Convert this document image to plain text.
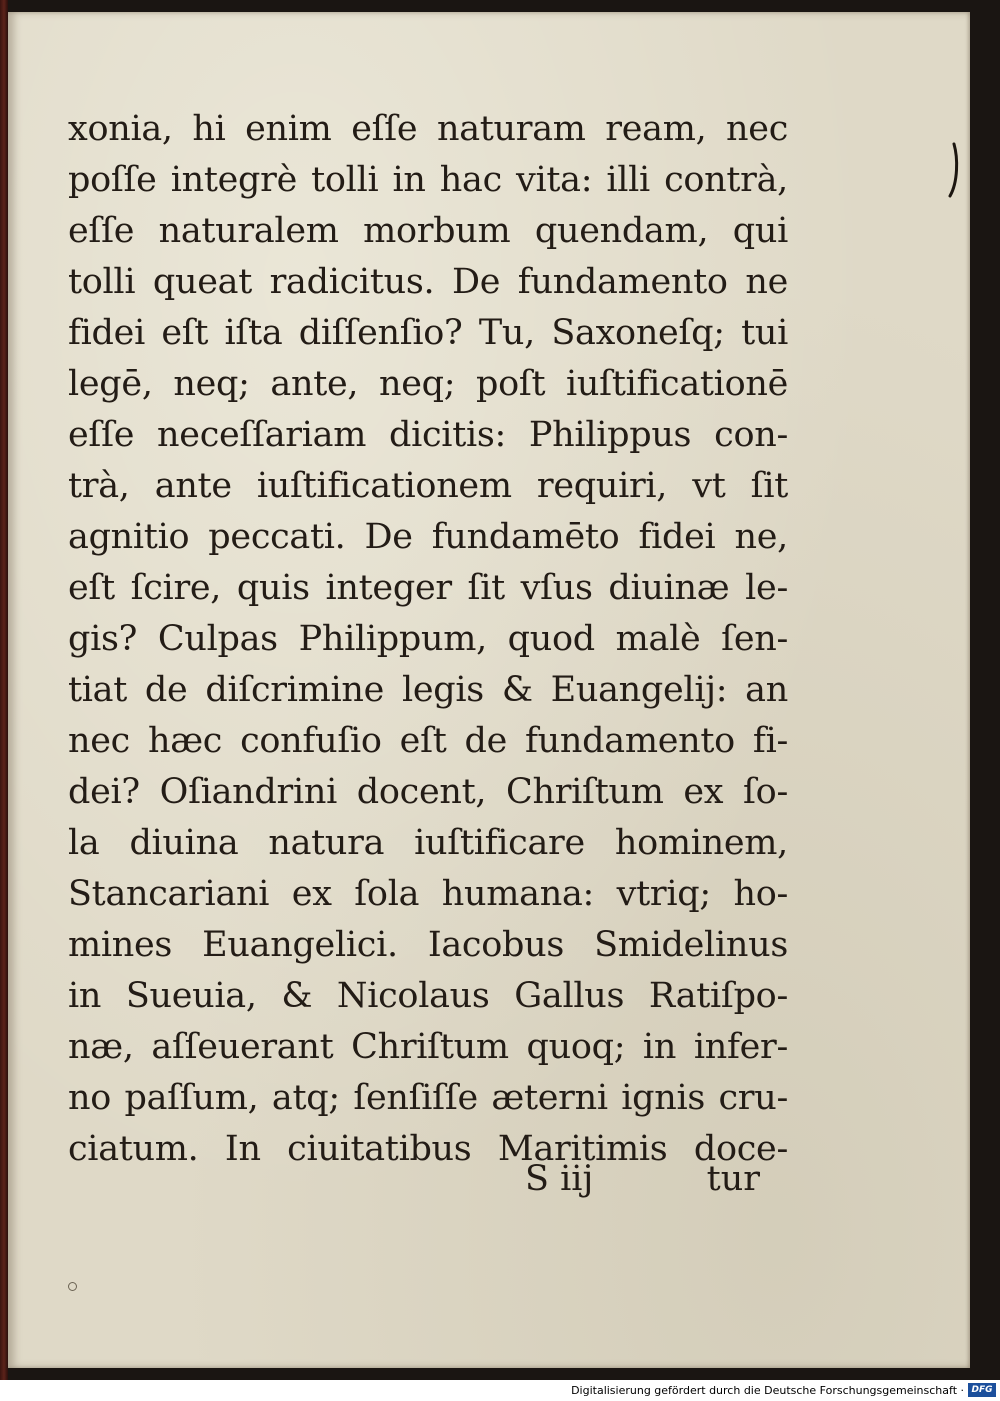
xonia, hi enim eſſe naturam ream, nec
poſſe integrè tolli in hac vita: illi contrà,
eſſe naturalem morbum quendam, qui
tolli queat radicitus. De fundamento ne
fidei eſt iſta diſſenſio? Tu, Saxoneſq; tui
legē, neq; ante, neq; poſt iuſtificationē
eſſe neceſſariam dicitis: Philippus con-
trà, ante iuſtificationem requiri, vt ſit
agnitio peccati. De fundamēto fidei ne,
eſt ſcire, quis integer ſit vſus diuinæ le-
gis? Culpas Philippum, quod malè ſen-
tiat de diſcrimine legis & Euangelij: an
nec hæc confuſio eſt de fundamento fi-
dei? Oſiandrini docent, Chriſtum ex ſo-
la diuina natura iuſtificare hominem,
Stancariani ex ſola humana: vtriq; ho-
mines Euangelici. Iacobus Smidelinus
in Sueuia, & Nicolaus Gallus Ratiſpo-
næ, aſſeuerant Chriſtum quoq; in infer-
no paſſum, atq; ſenſiſſe æterni ignis cru-
ciatum. In ciuitatibus Maritimis doce-
S iij	tur
Digitalisierung gefördert durch die Deutsche Forschungsgemeinschaft · DFG
